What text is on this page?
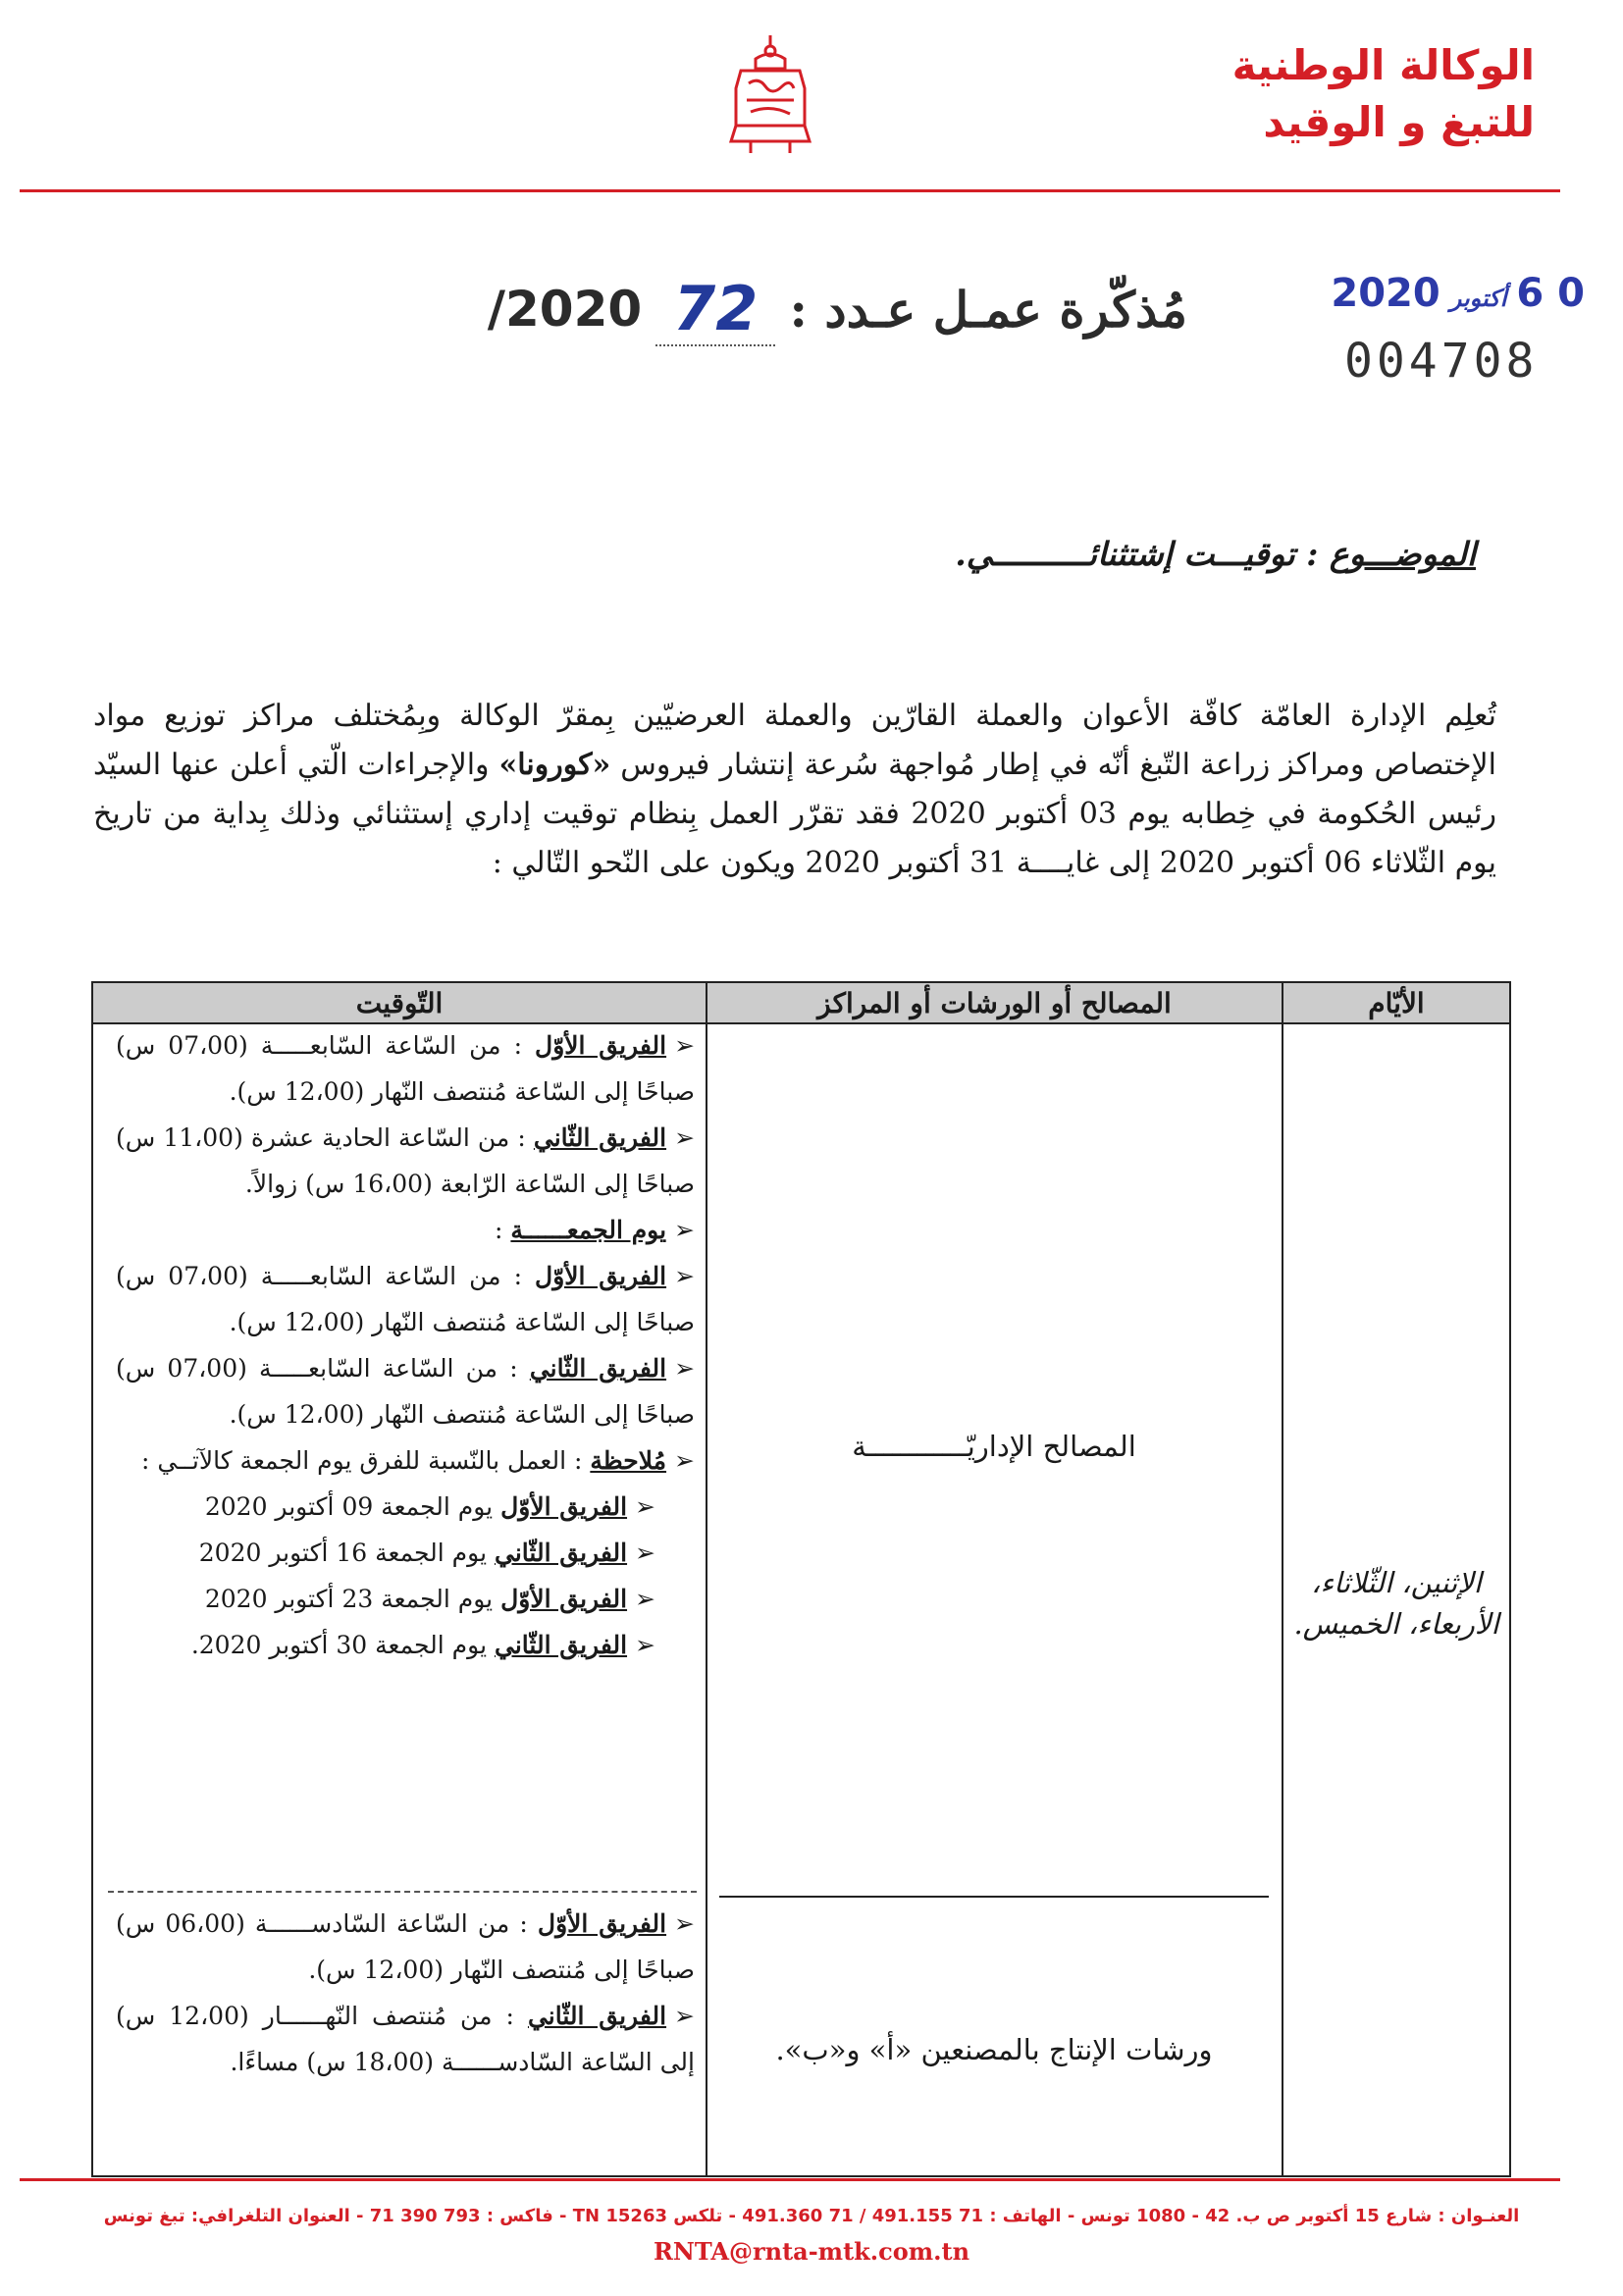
الوكالة الوطنية
للتبغ و الوقيد
مُذكّرة عمـل عـدد :
72
2020/	0 6
أكتوبر
2020
004708
الموضـــوع : توقيـــت إشتثنائــــــــــي.
تُعلِم الإدارة العامّة كافّة الأعوان والعملة القارّين والعملة العرضيّين بِمقرّ الوكالة وبِمُختلف مراكز توزيع مواد الإختصاص ومراكز زراعة التّبغ أنّه في إطار مُواجهة سُرعة إنتشار فيروس «كورونا» والإجراءات الّتي أعلن عنها السيّد رئيس الحُكومة في خِطابه يوم 03 أكتوبر 2020 فقد تقرّر العمل بِنظام توقيت إداري إستثنائي وذلك بِداية من تاريخ يوم الثّلاثاء 06 أكتوبر 2020 إلى غايــــة 31 أكتوبر 2020 ويكون على النّحو التّالي :
الأيّام
المصالح أو الورشات أو المراكز
التّوقيت
الإثنين، الثّلاثاء، الأربعاء، الخميس.
المصالح الإداريّــــــــــــة
ورشات الإنتاج بالمصنعين «أ» و«ب».

➢الفريق الأوّل : من السّاعة السّابعـــــة (07،00 س) صباحًا إلى السّاعة مُنتصف النّهار (12،00 س).

➢الفريق الثّاني : من السّاعة الحادية عشرة (11،00 س) صباحًا إلى السّاعة الرّابعة (16،00 س) زوالاً.

➢يوم الجمعــــــة :

➢الفريق الأوّل : من السّاعة السّابعـــــة (07،00 س) صباحًا إلى السّاعة مُنتصف النّهار (12،00 س).

➢الفريق الثّاني : من السّاعة السّابعـــــة (07،00 س) صباحًا إلى السّاعة مُنتصف النّهار (12،00 س).

➢مُلاحظة : العمل بالنّسبة للفرق يوم الجمعة كالآتــي :

➢الفريق الأوّل يوم الجمعة 09 أكتوبر 2020

➢الفريق الثّاني يوم الجمعة 16 أكتوبر 2020

➢الفريق الأوّل يوم الجمعة 23 أكتوبر 2020

➢الفريق الثّاني يوم الجمعة 30 أكتوبر 2020.

➢الفريق الأوّل : من السّاعة السّادســــــة (06،00 س) صباحًا إلى مُنتصف النّهار (12،00 س).

➢الفريق الثّاني : من مُنتصف النّهــــــار (12،00 س) إلى السّاعة السّادســــــة (18،00 س) مساءًا.

العنـوان : شارع 15 أكتوبر ص ب. 42 - 1080 تونس - الهاتف : 71 491.155 / 71 491.360 - تلكس 15263 TN - فاكس : 793 390 71 - العنوان التلغرافي: تبغ تونس
RNTA@rnta-mtk.com.tn
